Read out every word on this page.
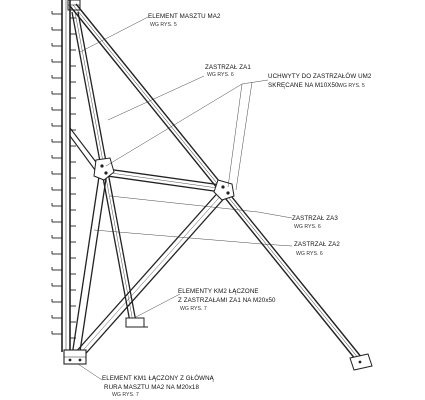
ELEMENT MASZTU MA2
WG RYS. 5
ZASTRZAŁ ZA1
WG RYS. 6	UCHWYTY DO ZASTRZAŁÓW UM2
SKRĘCANE NA M10X50 WG RYS. 5
ZASTRZAŁ ZA3
WG RYS. 6
ZASTRZAŁ ZA2
WG RYS. 6
ELEMENTY KM2 ŁĄCZONE
Z ZASTRZAŁAMI ZA1 NA M20x50
WG RYS. 7
ELEMENT KM1 ŁĄCZONY Z GŁÓWNĄ
RURA MASZTU MA2 NA M20x18
WG RYS. 7
